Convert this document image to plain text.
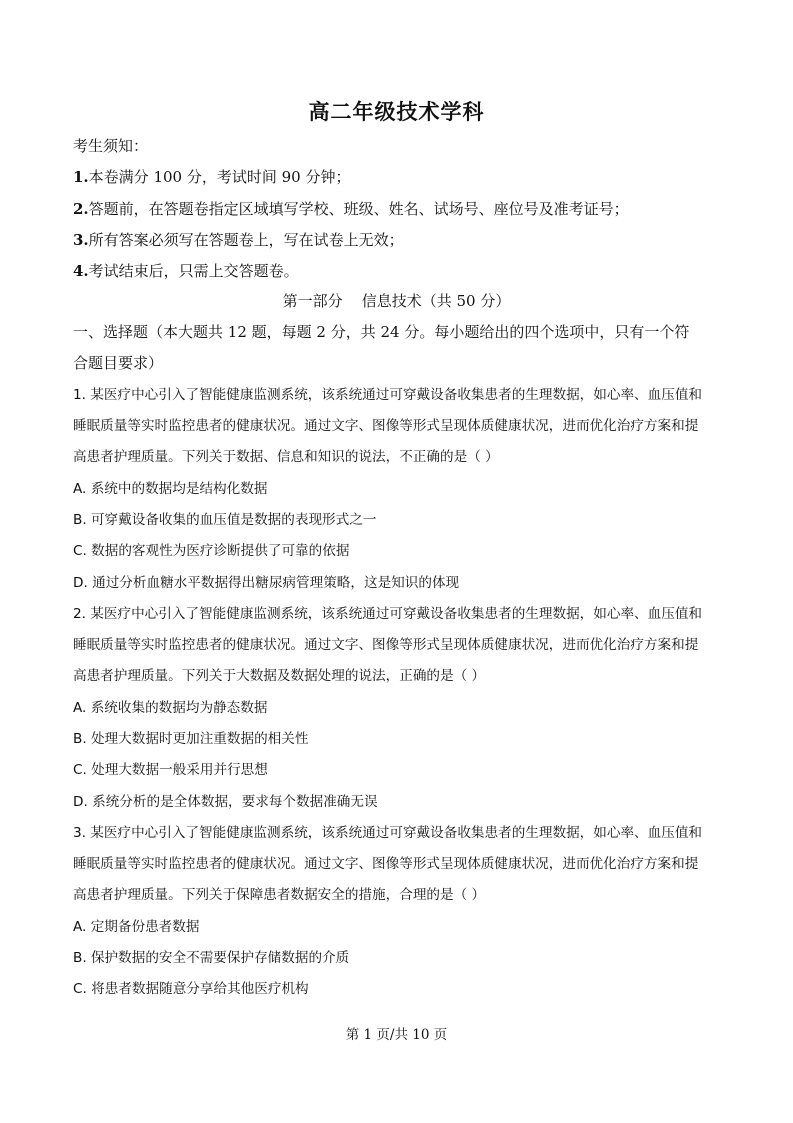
高二年级技术学科
考生须知：
1.本卷满分 100 分，考试时间 90 分钟；
2.答题前，在答题卷指定区域填写学校、班级、姓名、试场号、座位号及准考证号；
3.所有答案必须写在答题卷上，写在试卷上无效；
4.考试结束后，只需上交答题卷。
第一部分    信息技术（共 50 分）
一、选择题（本大题共 12 题，每题 2 分，共 24 分。每小题给出的四个选项中，只有一个符
合题目要求）
1. 某医疗中心引入了智能健康监测系统，该系统通过可穿戴设备收集患者的生理数据，如心率、血压值和
睡眠质量等实时监控患者的健康状况。通过文字、图像等形式呈现体质健康状况，进而优化治疗方案和提
高患者护理质量。下列关于数据、信息和知识的说法，不正确的是（ ）
A. 系统中的数据均是结构化数据
B. 可穿戴设备收集的血压值是数据的表现形式之一
C. 数据的客观性为医疗诊断提供了可靠的依据
D. 通过分析血糖水平数据得出糖尿病管理策略，这是知识的体现
2. 某医疗中心引入了智能健康监测系统，该系统通过可穿戴设备收集患者的生理数据，如心率、血压值和
睡眠质量等实时监控患者的健康状况。通过文字、图像等形式呈现体质健康状况，进而优化治疗方案和提
高患者护理质量。下列关于大数据及数据处理的说法，正确的是（ ）
A. 系统收集的数据均为静态数据
B. 处理大数据时更加注重数据的相关性
C. 处理大数据一般采用并行思想
D. 系统分析的是全体数据，要求每个数据准确无误
3. 某医疗中心引入了智能健康监测系统，该系统通过可穿戴设备收集患者的生理数据，如心率、血压值和
睡眠质量等实时监控患者的健康状况。通过文字、图像等形式呈现体质健康状况，进而优化治疗方案和提
高患者护理质量。下列关于保障患者数据安全的措施，合理的是（ ）
A. 定期备份患者数据
B. 保护数据的安全不需要保护存储数据的介质
C. 将患者数据随意分享给其他医疗机构
第 1 页/共 10 页
